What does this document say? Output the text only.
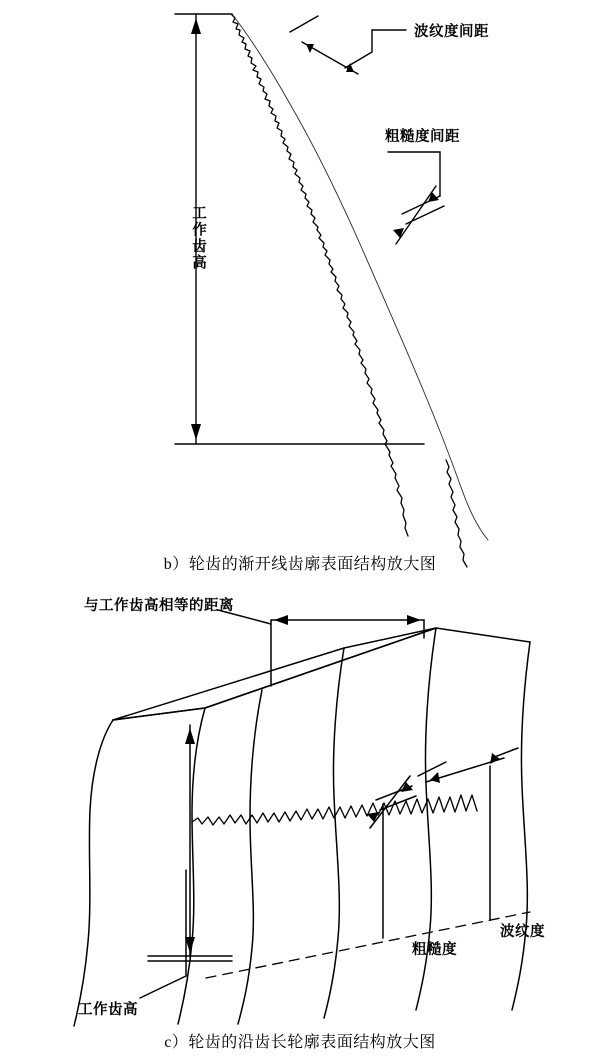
波纹度间距
粗糙度间距
工作齿高
b）轮齿的渐开线齿廓表面结构放大图
与工作齿高相等的距离
粗糙度
波纹度
工作齿高
c）轮齿的沿齿长轮廓表面结构放大图
